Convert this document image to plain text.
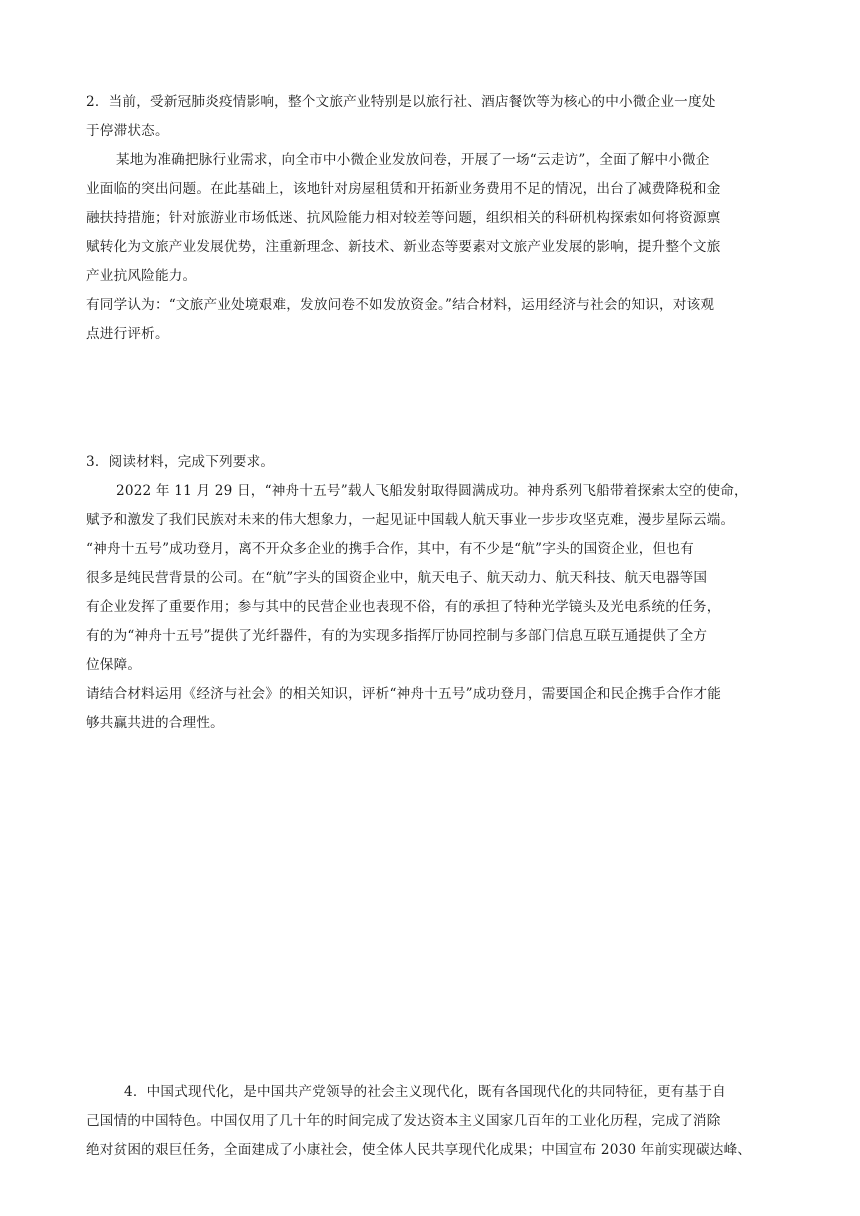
2．当前，受新冠肺炎疫情影响，整个文旅产业特别是以旅行社、酒店餐饮等为核心的中小微企业一度处
于停滞状态。
某地为准确把脉行业需求，向全市中小微企业发放问卷，开展了一场“云走访”，全面了解中小微企
业面临的突出问题。在此基础上，该地针对房屋租赁和开拓新业务费用不足的情况，出台了减费降税和金
融扶持措施；针对旅游业市场低迷、抗风险能力相对较差等问题，组织相关的科研机构探索如何将资源禀
赋转化为文旅产业发展优势，注重新理念、新技术、新业态等要素对文旅产业发展的影响，提升整个文旅
产业抗风险能力。
有同学认为：“文旅产业处境艰难，发放问卷不如发放资金。”结合材料，运用经济与社会的知识，对该观
点进行评析。
3．阅读材料，完成下列要求。
2022 年 11 月 29 日，“神舟十五号”载人飞船发射取得圆满成功。神舟系列飞船带着探索太空的使命，
赋予和激发了我们民族对未来的伟大想象力，一起见证中国载人航天事业一步步攻坚克难，漫步星际云端。
“神舟十五号”成功登月，离不开众多企业的携手合作，其中，有不少是“航”字头的国资企业，但也有
很多是纯民营背景的公司。在“航”字头的国资企业中，航天电子、航天动力、航天科技、航天电器等国
有企业发挥了重要作用；参与其中的民营企业也表现不俗，有的承担了特种光学镜头及光电系统的任务，
有的为“神舟十五号”提供了光纤器件，有的为实现多指挥厅协同控制与多部门信息互联互通提供了全方
位保障。
请结合材料运用《经济与社会》的相关知识，评析“神舟十五号”成功登月，需要国企和民企携手合作才能
够共赢共进的合理性。
4．中国式现代化，是中国共产党领导的社会主义现代化，既有各国现代化的共同特征，更有基于自
己国情的中国特色。中国仅用了几十年的时间完成了发达资本主义国家几百年的工业化历程，完成了消除
绝对贫困的艰巨任务，全面建成了小康社会，使全体人民共享现代化成果；中国宣布 2030 年前实现碳达峰、
